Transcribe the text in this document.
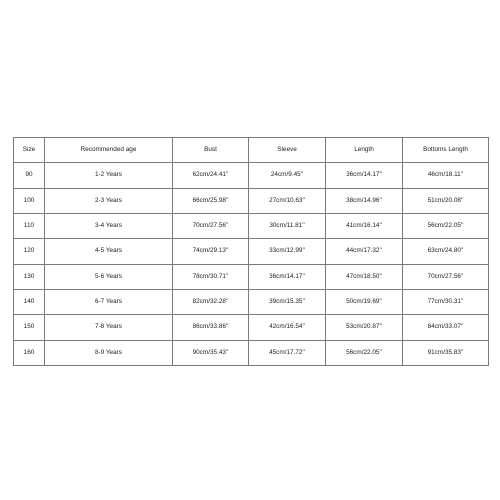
Size	Recommended age	Bust	Sleeve	Length	Bottoms Length
90	1-2 Years	62cm/24.41''	24cm/9.45''	36cm/14.17''	46cm/18.11''
100	2-3 Years	66cm/25.98''	27cm/10.63''	38cm/14.96''	51cm/20.08''
110	3-4 Years	70cm/27.56''	30cm/11.81''	41cm/16.14''	56cm/22.05''
120	4-5 Years	74cm/29.13''	33cm/12.99''	44cm/17.32''	63cm/24.80''
130	5-6 Years	78cm/30.71''	36cm/14.17''	47cm/18.50''	70cm/27.56''
140	6-7 Years	82cm/32.28''	39cm/15.35''	50cm/19.69''	77cm/30.31''
150	7-8 Years	86cm/33.86''	42cm/16.54''	53cm/20.87''	84cm/33.07''
160	8-9 Years	90cm/35.43''	45cm/17.72''	56cm/22.05''	91cm/35.83''
